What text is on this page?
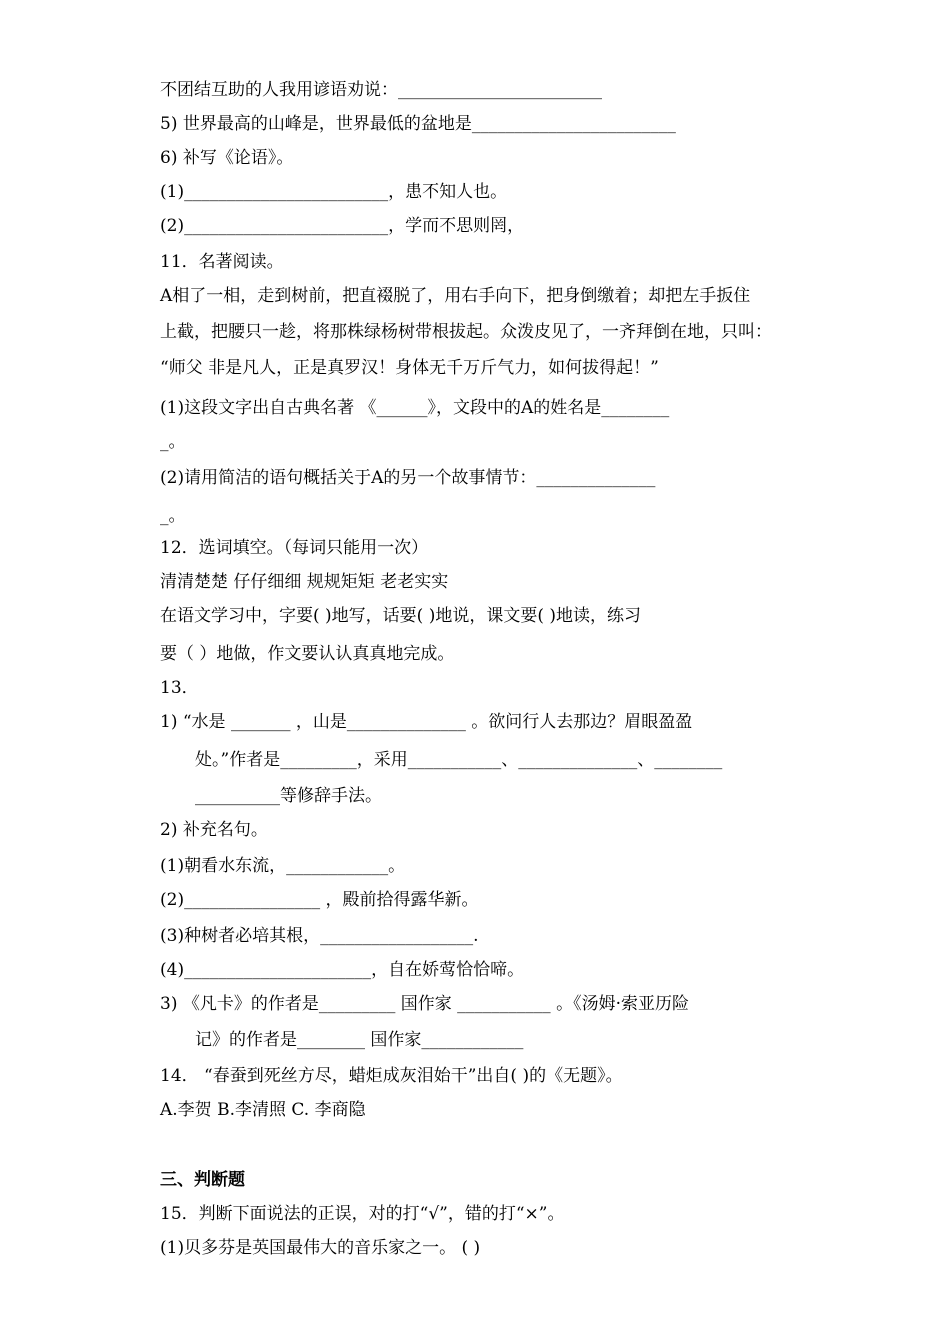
不团结互助的人我用谚语劝说：________________________
5) 世界最高的山峰是，世界最低的盆地是________________________
6) 补写《论语》。
(1)________________________，患不知人也。
(2)________________________，学而不思则罔，
11．名著阅读。
A相了一相，走到树前，把直裰脱了，用右手向下，把身倒缴着；却把左手扳住
上截，把腰只一趁，将那株绿杨树带根拔起。众泼皮见了，一齐拜倒在地，只叫：
“师父 非是凡人，正是真罗汉！身体无千万斤气力，如何拔得起！”
(1)这段文字出自古典名著 《______》，文段中的A的姓名是________
_。
(2)请用简洁的语句概括关于A的另一个故事情节：______________
_。
12．选词填空。（每词只能用一次）
清清楚楚 仔仔细细 规规矩矩 老老实实
在语文学习中，字要( )地写，话要( )地说，课文要( )地读，练习
要（ ）地做，作文要认认真真地完成。
13．
1) “水是 _______ ，山是______________ 。欲问行人去那边？眉眼盈盈
处。”作者是_________，采用___________、______________、________
__________等修辞手法。
2) 补充名句。
(1)朝看水东流，____________。
(2)________________ ，殿前拾得露华新。
(3)种树者必培其根，__________________.
(4)______________________，自在娇莺恰恰啼。
3) 《凡卡》的作者是_________ 国作家 ___________ 。《汤姆·索亚历险
记》的作者是________ 国作家____________
14． “春蚕到死丝方尽，蜡炬成灰泪始干”出自( )的《无题》。
A.李贺 B.李清照 C. 李商隐
三、判断题
15．判断下面说法的正误，对的打“√”，错的打“×”。
(1)贝多芬是英国最伟大的音乐家之一。 ( )
